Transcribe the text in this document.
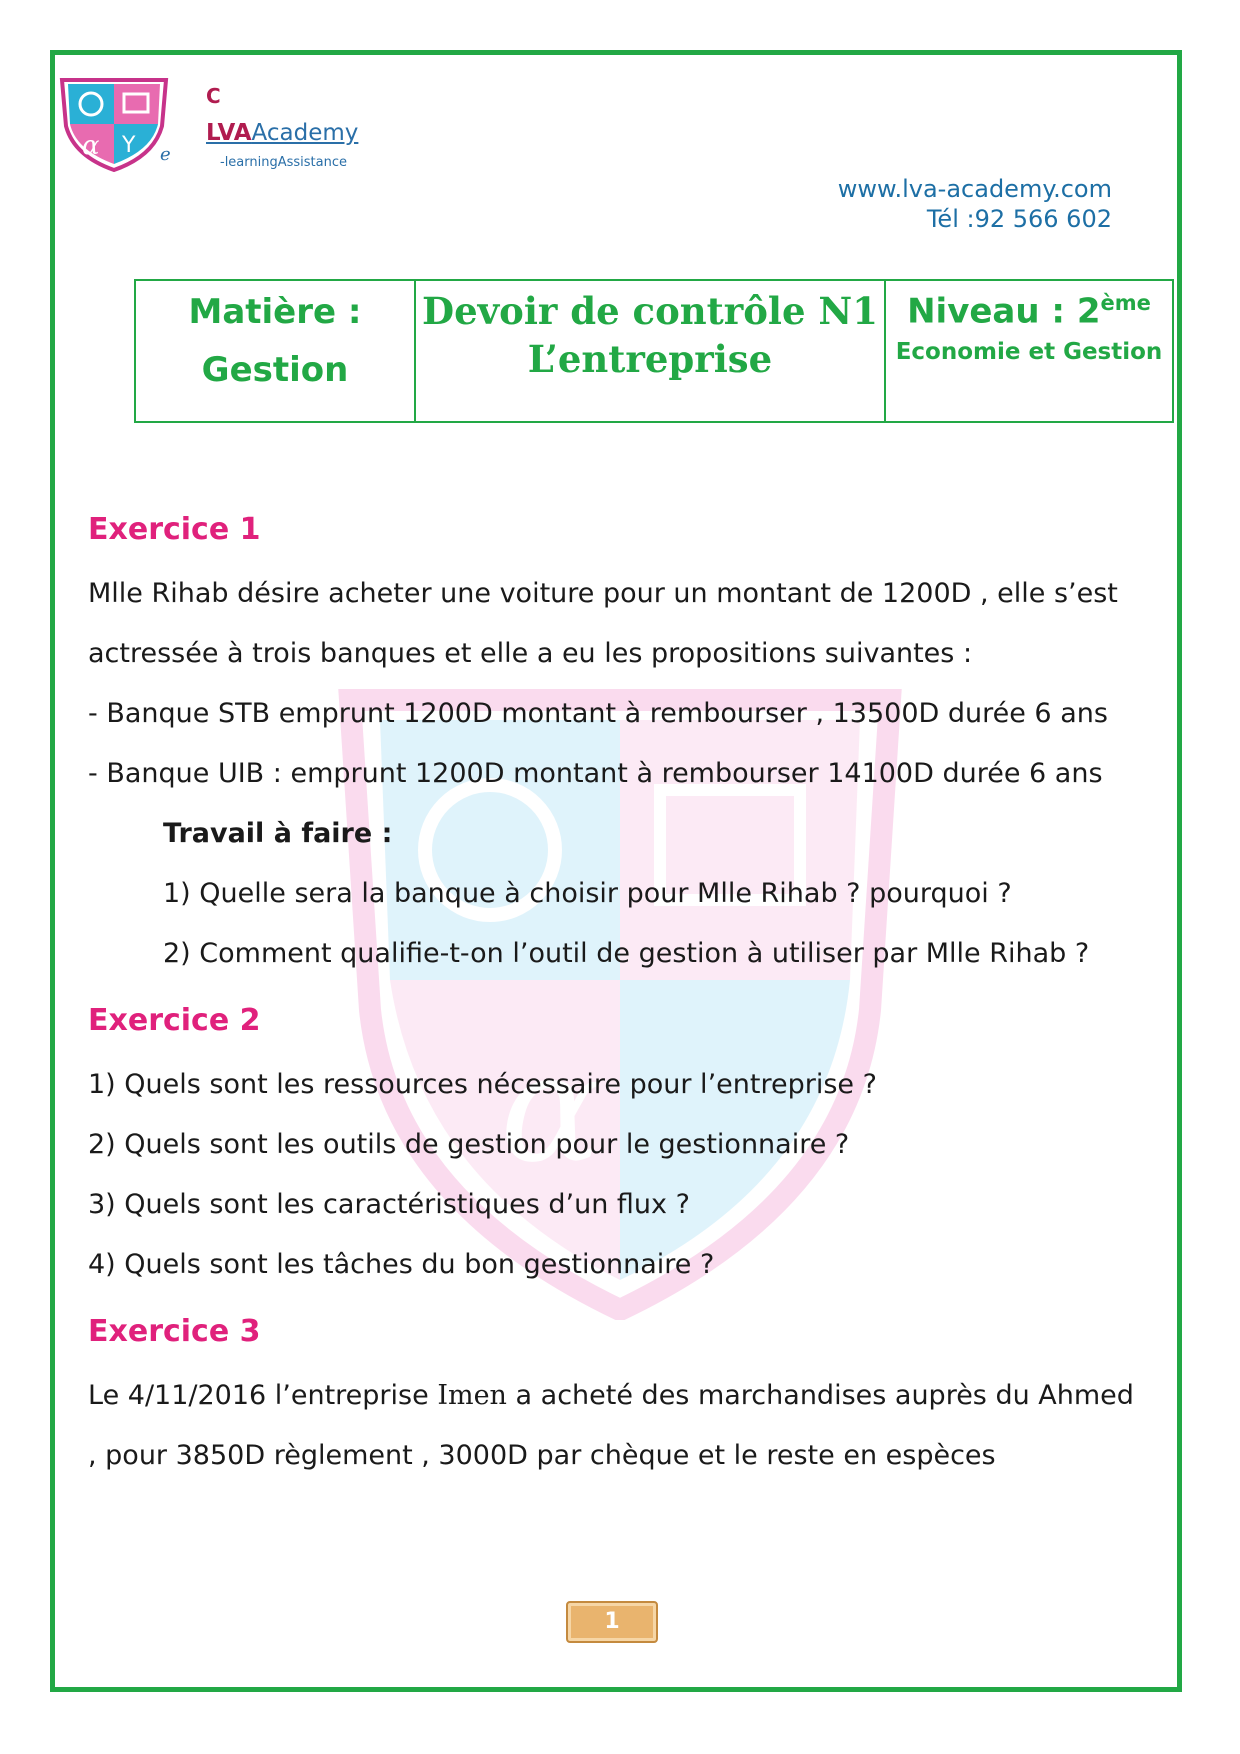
α
α Y
C
LVAAcademy
e	-learningAssistance
www.lva-academy.com
Tél :92 566 602
Matière :
Gestion

Devoir de contrôle N1
L’entreprise

Niveau : 2ème
Economie et Gestion
Exercice 1
Mlle Rihab désire acheter une voiture pour un montant de 1200D , elle s’est
actressée à trois banques et elle a eu les propositions suivantes :
- Banque STB emprunt 1200D montant à rembourser , 13500D durée 6 ans
- Banque UIB : emprunt 1200D montant à rembourser 14100D durée 6 ans
Travail à faire :
1) Quelle sera la banque à choisir pour Mlle Rihab ? pourquoi ?
2) Comment qualifie-t-on l’outil de gestion à utiliser par Mlle Rihab ?
Exercice 2
1) Quels sont les ressources nécessaire pour l’entreprise ?
2) Quels sont les outils de gestion pour le gestionnaire ?
3) Quels sont les caractéristiques d’un flux ?
4) Quels sont les tâches du bon gestionnaire ?
Exercice 3
Le 4/11/2016 l’entreprise Imen a acheté des marchandises auprès du Ahmed
, pour 3850D règlement , 3000D par chèque et le reste en espèces
1
